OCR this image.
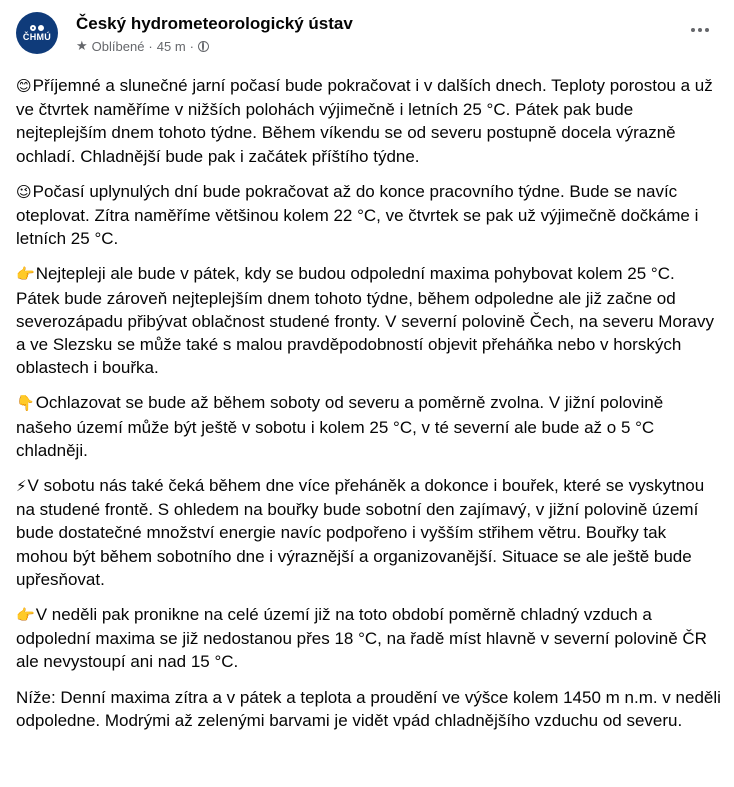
ČHMÚ
Český hydrometeorologický ústav
★ Oblíbené · 45 m ·

😊Příjemné a slunečné jarní počasí bude pokračovat i v dalších dnech. Teploty porostou a už ve čtvrtek naměříme v nižších polohách výjimečně i letních 25 °C. Pátek pak bude nejteplejším dnem tohoto týdne. Během víkendu se od severu postupně docela výrazně ochladí. Chladnější bude pak i začátek příštího týdne.

😉Počasí uplynulých dní bude pokračovat až do konce pracovního týdne. Bude se navíc oteplovat. Zítra naměříme většinou kolem 22 °C, ve čtvrtek se pak už výjimečně dočkáme i letních 25 °C.

👉Nejtepleji ale bude v pátek, kdy se budou odpolední maxima pohybovat kolem 25 °C. Pátek bude zároveň nejteplejším dnem tohoto týdne, během odpoledne ale již začne od severozápadu přibývat oblačnost studené fronty. V severní polovině Čech, na severu Moravy a ve Slezsku se může také s malou pravděpodobností objevit přeháňka nebo v horských oblastech i bouřka.

👇Ochlazovat se bude až během soboty od severu a poměrně zvolna. V jižní polovině našeho území může být ještě v sobotu i kolem 25 °C, v té severní ale bude až o 5 °C chladněji.

⚡V sobotu nás také čeká během dne více přeháněk a dokonce i bouřek, které se vyskytnou na studené frontě. S ohledem na bouřky bude sobotní den zajímavý, v jižní polovině území bude dostatečné množství energie navíc podpořeno i vyšším střihem větru. Bouřky tak mohou být během sobotního dne i výraznější a organizovanější. Situace se ale ještě bude upřesňovat.

👉V neděli pak pronikne na celé území již na toto období poměrně chladný vzduch a odpolední maxima se již nedostanou přes 18 °C, na řadě míst hlavně v severní polovině ČR ale nevystoupí ani nad 15 °C.

Níže: Denní maxima zítra a v pátek a teplota a proudění ve výšce kolem 1450 m n.m. v neděli odpoledne. Modrými až zelenými barvami je vidět vpád chladnějšího vzduchu od severu.
